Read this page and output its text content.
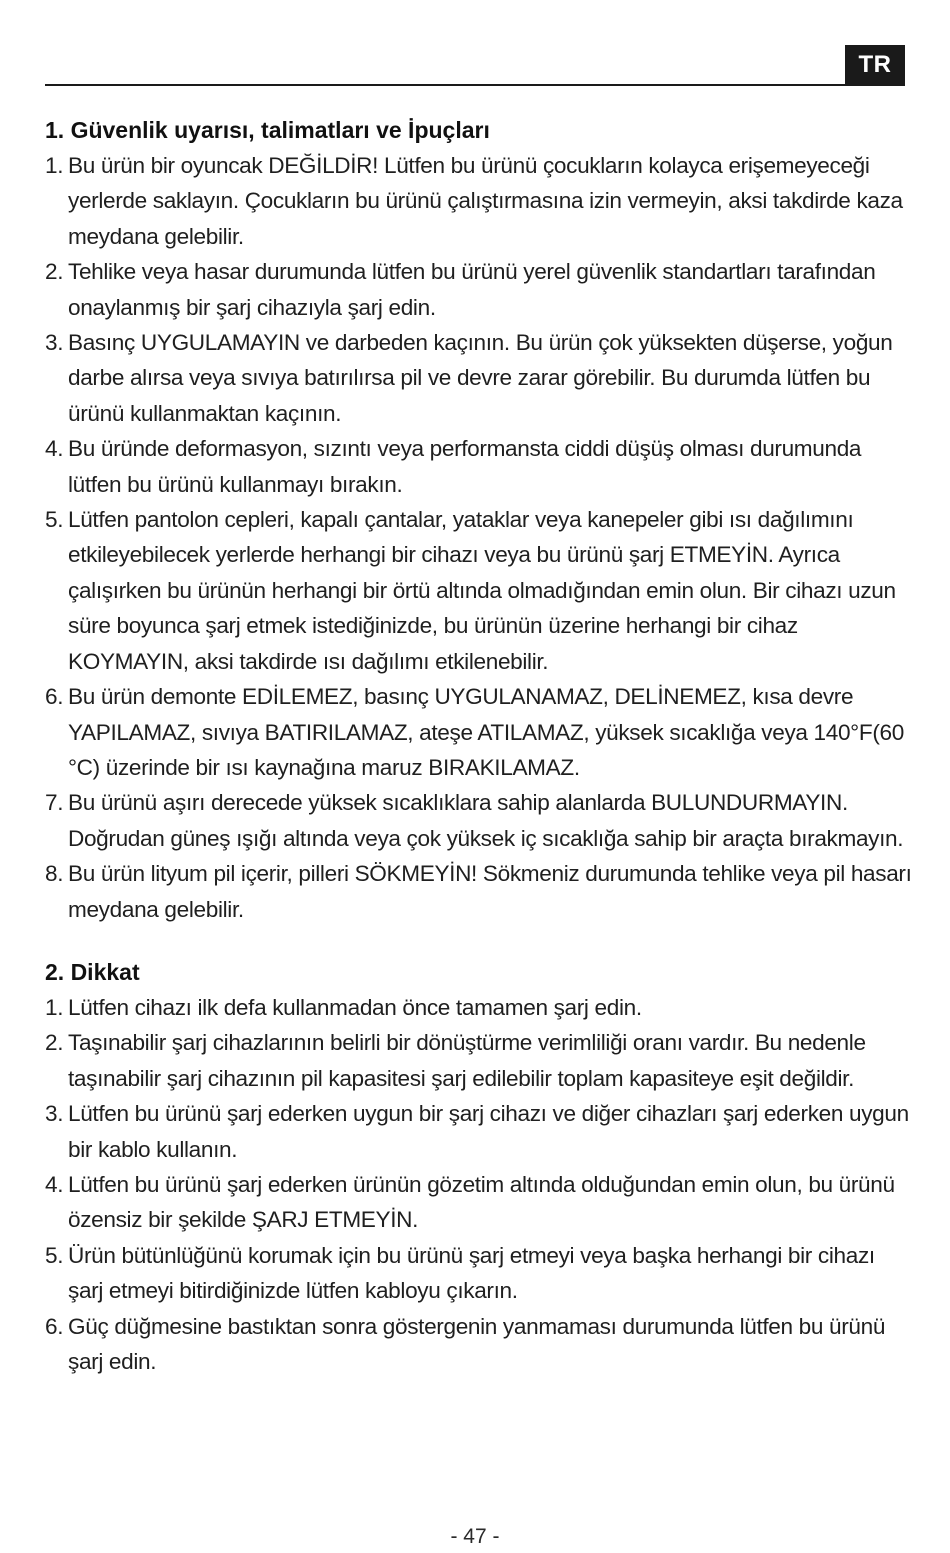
TR
1. Güvenlik uyarısı, talimatları ve İpuçları
1. Bu ürün bir oyuncak DEĞİLDİR! Lütfen bu ürünü çocukların kolayca erişemeyeceği yerlerde saklayın. Çocukların bu ürünü çalıştırmasına izin vermeyin, aksi takdirde kaza meydana gelebilir.
2. Tehlike veya hasar durumunda lütfen bu ürünü yerel güvenlik standartları tarafından onaylanmış bir şarj cihazıyla şarj edin.
3. Basınç UYGULAMAYIN ve darbeden kaçının. Bu ürün çok yüksekten düşerse, yoğun darbe alırsa veya sıvıya batırılırsa pil ve devre zarar görebilir. Bu durumda lütfen bu ürünü kullanmaktan kaçının.
4. Bu üründe deformasyon, sızıntı veya performansta ciddi düşüş olması durumunda lütfen bu ürünü kullanmayı bırakın.
5. Lütfen pantolon cepleri, kapalı çantalar, yataklar veya kanepeler gibi ısı dağılımını etkileyebilecek yerlerde herhangi bir cihazı veya bu ürünü şarj ETMEYİN. Ayrıca çalışırken bu ürünün herhangi bir örtü altında olmadığından emin olun. Bir cihazı uzun süre boyunca şarj etmek istediğinizde, bu ürünün üzerine herhangi bir cihaz KOYMAYIN, aksi takdirde ısı dağılımı etkilenebilir.
6. Bu ürün demonte EDİLEMEZ, basınç UYGULANAMAZ, DELİNEMEZ, kısa devre YAPILAMAZ, sıvıya BATIRILAMAZ, ateşe ATILAMAZ, yüksek sıcaklığa veya 140°F(60 °C) üzerinde bir ısı kaynağına maruz BIRAKILAMAZ.
7. Bu ürünü aşırı derecede yüksek sıcaklıklara sahip alanlarda BULUNDURMAYIN. Doğrudan güneş ışığı altında veya çok yüksek iç sıcaklığa sahip bir araçta bırakmayın.
8. Bu ürün lityum pil içerir, pilleri SÖKMEYİN! Sökmeniz durumunda tehlike veya pil hasarı meydana gelebilir.
2. Dikkat
1. Lütfen cihazı ilk defa kullanmadan önce tamamen şarj edin.
2. Taşınabilir şarj cihazlarının belirli bir dönüştürme verimliliği oranı vardır. Bu nedenle taşınabilir şarj cihazının pil kapasitesi şarj edilebilir toplam kapasiteye eşit değildir.
3. Lütfen bu ürünü şarj ederken uygun bir şarj cihazı ve diğer cihazları şarj ederken uygun bir kablo kullanın.
4. Lütfen bu ürünü şarj ederken ürünün gözetim altında olduğundan emin olun, bu ürünü özensiz bir şekilde ŞARJ ETMEYİN.
5. Ürün bütünlüğünü korumak için bu ürünü şarj etmeyi veya başka herhangi bir cihazı şarj etmeyi bitirdiğinizde lütfen kabloyu çıkarın.
6. Güç düğmesine bastıktan sonra göstergenin yanmaması durumunda lütfen bu ürünü şarj edin.
- 47 -
